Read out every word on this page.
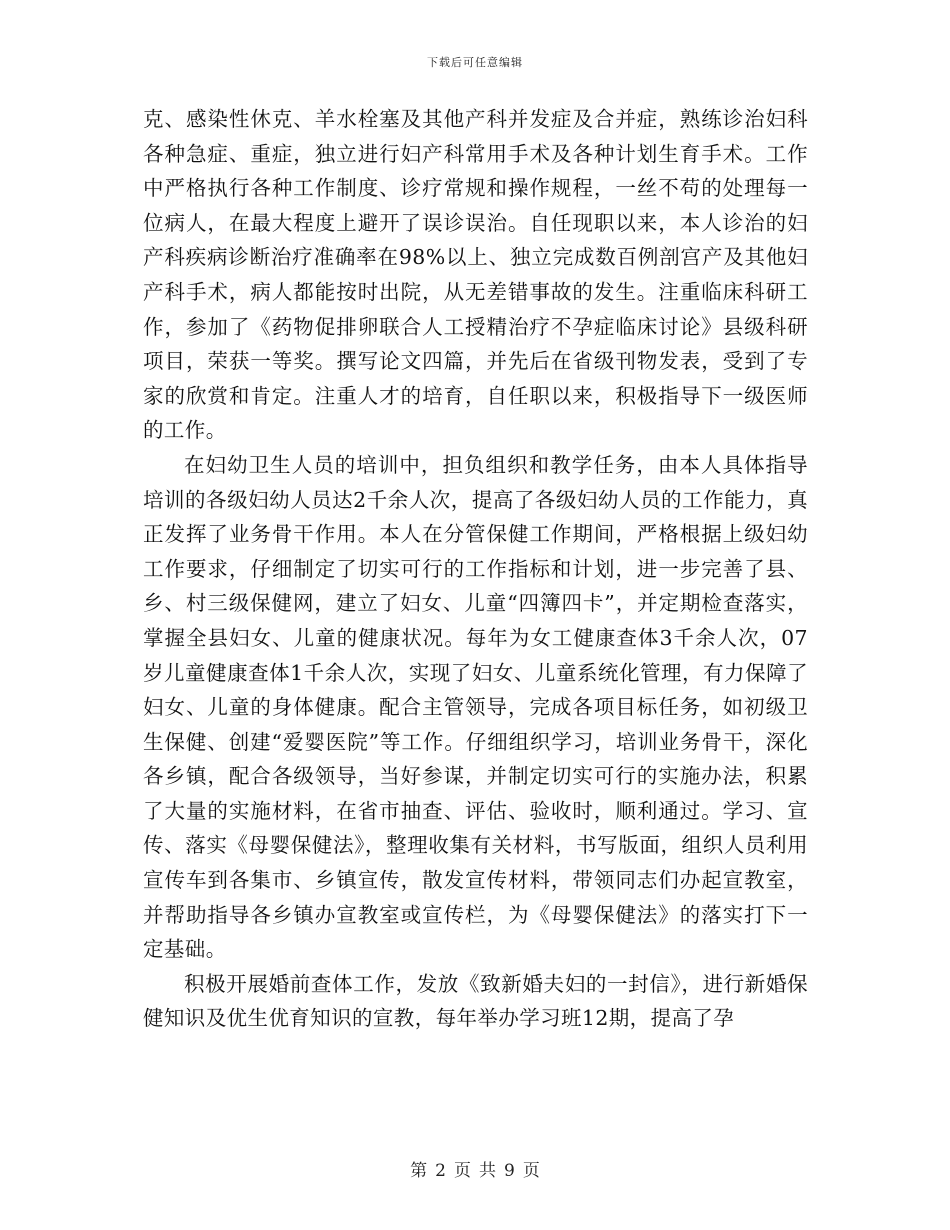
下载后可任意编辑

克、感染性休克、羊水栓塞及其他产科并发症及合并症，熟练诊治妇科各种急症、重症，独立进行妇产科常用手术及各种计划生育手术。工作中严格执行各种工作制度、诊疗常规和操作规程，一丝不苟的处理每一位病人，在最大程度上避开了误诊误治。自任现职以来，本人诊治的妇产科疾病诊断治疗准确率在98%以上、独立完成数百例剖宫产及其他妇产科手术，病人都能按时出院，从无差错事故的发生。注重临床科研工作，参加了《药物促排卵联合人工授精治疗不孕症临床讨论》县级科研项目，荣获一等奖。撰写论文四篇，并先后在省级刊物发表，受到了专家的欣赏和肯定。注重人才的培育，自任职以来，积极指导下一级医师的工作。

在妇幼卫生人员的培训中，担负组织和教学任务，由本人具体指导培训的各级妇幼人员达2千余人次，提高了各级妇幼人员的工作能力，真正发挥了业务骨干作用。本人在分管保健工作期间，严格根据上级妇幼工作要求，仔细制定了切实可行的工作指标和计划，进一步完善了县、乡、村三级保健网，建立了妇女、儿童“四簿四卡”，并定期检查落实，掌握全县妇女、儿童的健康状况。每年为女工健康查体3千余人次，07岁儿童健康查体1千余人次，实现了妇女、儿童系统化管理，有力保障了妇女、儿童的身体健康。配合主管领导，完成各项目标任务，如初级卫生保健、创建“爱婴医院”等工作。仔细组织学习，培训业务骨干，深化各乡镇，配合各级领导，当好参谋，并制定切实可行的实施办法，积累了大量的实施材料，在省市抽查、评估、验收时，顺利通过。学习、宣传、落实《母婴保健法》，整理收集有关材料，书写版面，组织人员利用宣传车到各集市、乡镇宣传，散发宣传材料，带领同志们办起宣教室，并帮助指导各乡镇办宣教室或宣传栏，为《母婴保健法》的落实打下一定基础。

积极开展婚前查体工作，发放《致新婚夫妇的一封信》，进行新婚保健知识及优生优育知识的宣教，每年举办学习班12期，提高了孕

第 2 页 共 9 页
